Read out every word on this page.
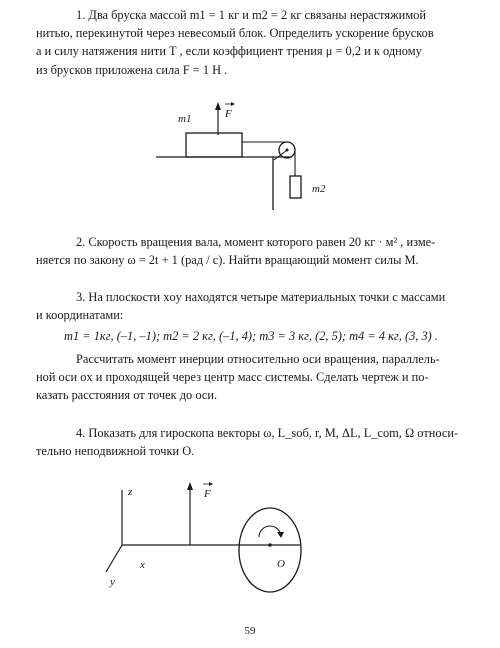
1. Два бруска массой m1 = 1 кг и m2 = 2 кг связаны нерастяжимой
нитью, перекинутой через невесомый блок. Определить ускорение брусков
a и силу натяжения нити T , если коэффициент трения μ = 0,2 и к одному
из брусков приложена сила F = 1 Н .
m1	F
m2
2. Скорость вращения вала, момент которого равен 20 кг · м² , изме-
няется по закону ω = 2t + 1 (рад / с). Найти вращающий момент силы M.
3. На плоскости xoy находятся четыре материальных точки с массами
и координатами:
m1 = 1кг, (–1, –1); m2 = 2 кг, (–1, 4); m3 = 3 кг, (2, 5); m4 = 4 кг, (3, 3) .
Рассчитать момент инерции относительно оси вращения, параллель-
ной оси ox и проходящей через центр масс системы. Сделать чертеж и по-
казать расстояния от точек до оси.
4. Показать для гироскопа векторы ω, L_soб, r, M, ΔL, L_com, Ω относи-
тельно неподвижной точки O.
z
x
y
F
O
59
